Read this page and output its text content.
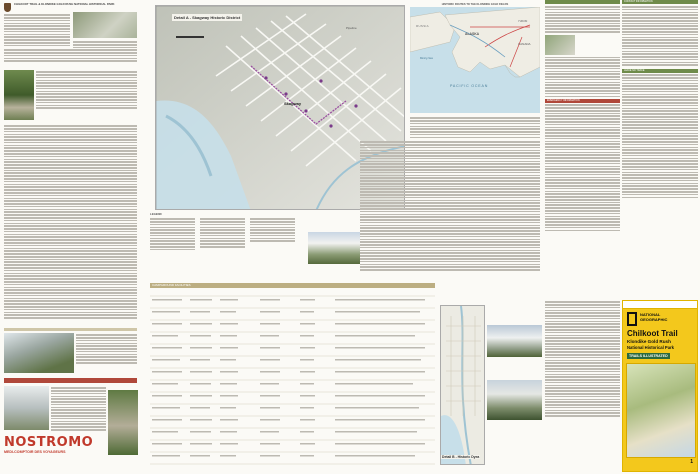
CHILKOOT TRAIL & KLONDIKE GOLD RUSH NATIONAL HISTORICAL PARK
NOSTROMO
MEDI-COMPTOIR DES VOYAGEURS
Detail A - Skagway Historic District
Pipeline
Skagway
LEGEND
CAMPGROUND FACILITIES
HISTORIC ROUTES TO THE KLONDIKE GOLD FIELDS
RUSSIA
ALASKA
CANADA
YUKON
Bering Sea
PACIFIC OCEAN
Detail B - Historic Dyea
EMERGENCY INFORMATION
CONTACT INFORMATION
LEAVE NO TRACE
NATIONAL
GEOGRAPHIC
Chilkoot Trail
Klondike Gold Rush
National Historical Park
TRAILS ILLUSTRATED
1
